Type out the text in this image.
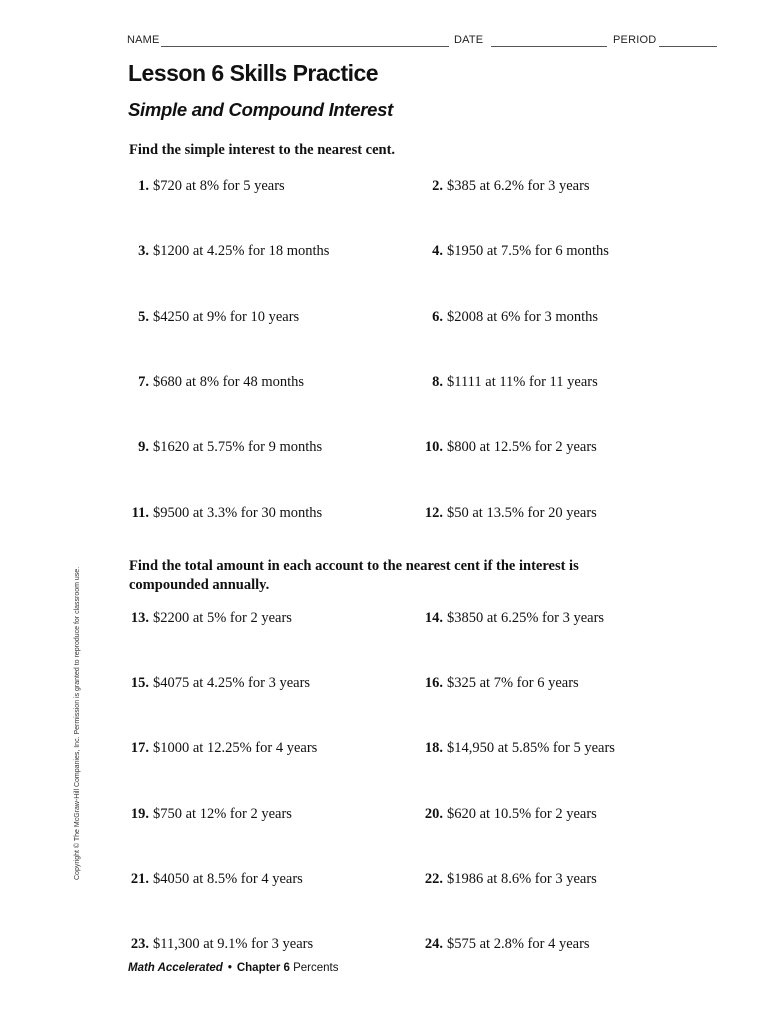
NAME	DATE	PERIOD
Lesson 6 Skills Practice
Simple and Compound Interest

Find the simple interest to the nearest cent.

1. $720 at 8% for 5 years	2. $385 at 6.2% for 3 years
3. $1200 at 4.25% for 18 months	4. $1950 at 7.5% for 6 months
5. $4250 at 9% for 10 years	6. $2008 at 6% for 3 months
7. $680 at 8% for 48 months	8. $1111 at 11% for 11 years
9. $1620 at 5.75% for 9 months	10. $800 at 12.5% for 2 years
11. $9500 at 3.3% for 30 months	12. $50 at 13.5% for 20 years

Find the total amount in each account to the nearest cent if the interest is compounded annually.

13. $2200 at 5% for 2 years	14. $3850 at 6.25% for 3 years
15. $4075 at 4.25% for 3 years	16. $325 at 7% for 6 years
17. $1000 at 12.25% for 4 years	18. $14,950 at 5.85% for 5 years
19. $750 at 12% for 2 years	20. $620 at 10.5% for 2 years
21. $4050 at 8.5% for 4 years	22. $1986 at 8.6% for 3 years
23. $11,300 at 9.1% for 3 years	24. $575 at 2.8% for 4 years
Copyright © The McGraw-Hill Companies, Inc. Permission is granted to reproduce for classroom use.
Math Accelerated • Chapter 6 Percents
